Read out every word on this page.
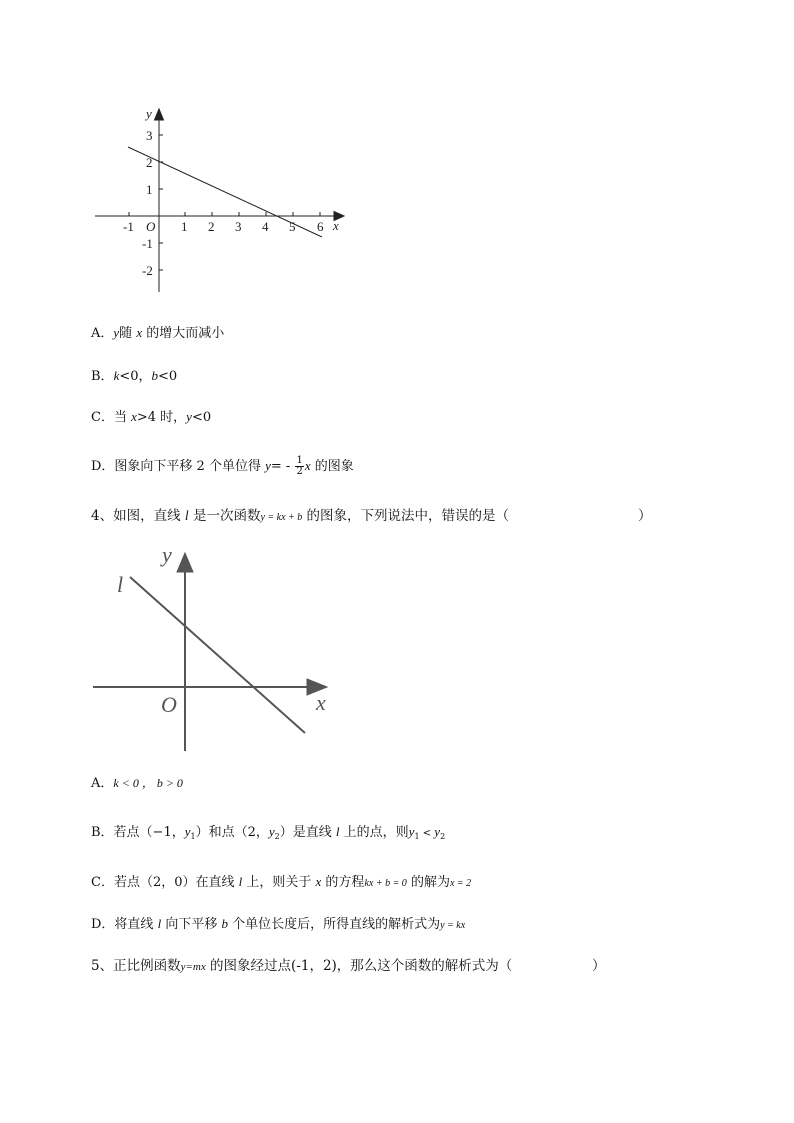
y
x
O
-1	1 2 3 4 5 6
3
2
1
-1
-2
A．y随 x 的增大而减小
B．k<0，b<0
C．当 x>4 时，y<0
D．图象向下平移 2 个单位得 $y= - \frac{1}{2}$ x 的图象
4、如图，直线 l 是一次函数y = kx + b 的图象，下列说法中，错误的是（	）
y
x
O
l
A．k < 0 ， b > 0
B．若点（−1，$y_1$）和点（2，$y_2$）是直线 l 上的点，则$y_1 < y_2$
C．若点（2，0）在直线 l 上，则关于 x 的方程kx + b = 0 的解为x = 2
D．将直线 l 向下平移 b 个单位长度后，所得直线的解析式为y = kx
5、正比例函数y=mx 的图象经过点(-1，2)，那么这个函数的解析式为（	）
